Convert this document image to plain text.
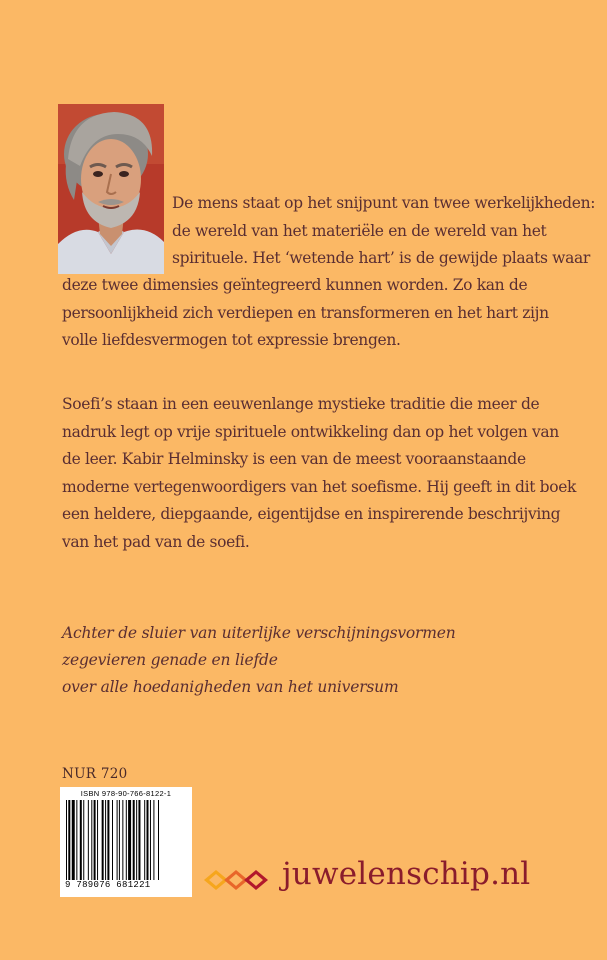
De mens staat op het snijpunt van twee werkelijkheden:
de wereld van het materiële en de wereld van het
spirituele. Het ‘wetende hart’ is de gewijde plaats waar

deze twee dimensies geïntegreerd kunnen worden. Zo kan de
persoonlijkheid zich verdiepen en transformeren en het hart zijn
volle liefdesvermogen tot expressie brengen.

Soefi’s staan in een eeuwenlange mystieke traditie die meer de
nadruk legt op vrije spirituele ontwikkeling dan op het volgen van
de leer. Kabir Helminsky is een van de meest vooraanstaande
moderne vertegenwoordigers van het soefisme. Hij geeft in dit boek
een heldere, diepgaande, eigentijdse en inspirerende beschrijving
van het pad van de soefi.

Achter de sluier van uiterlijke verschijningsvormen
zegevieren genade en liefde
over alle hoedanigheden van het universum

NUR 720
ISBN 978-90-766-8122-1
9 789076 681221	juwelenschip.nl
